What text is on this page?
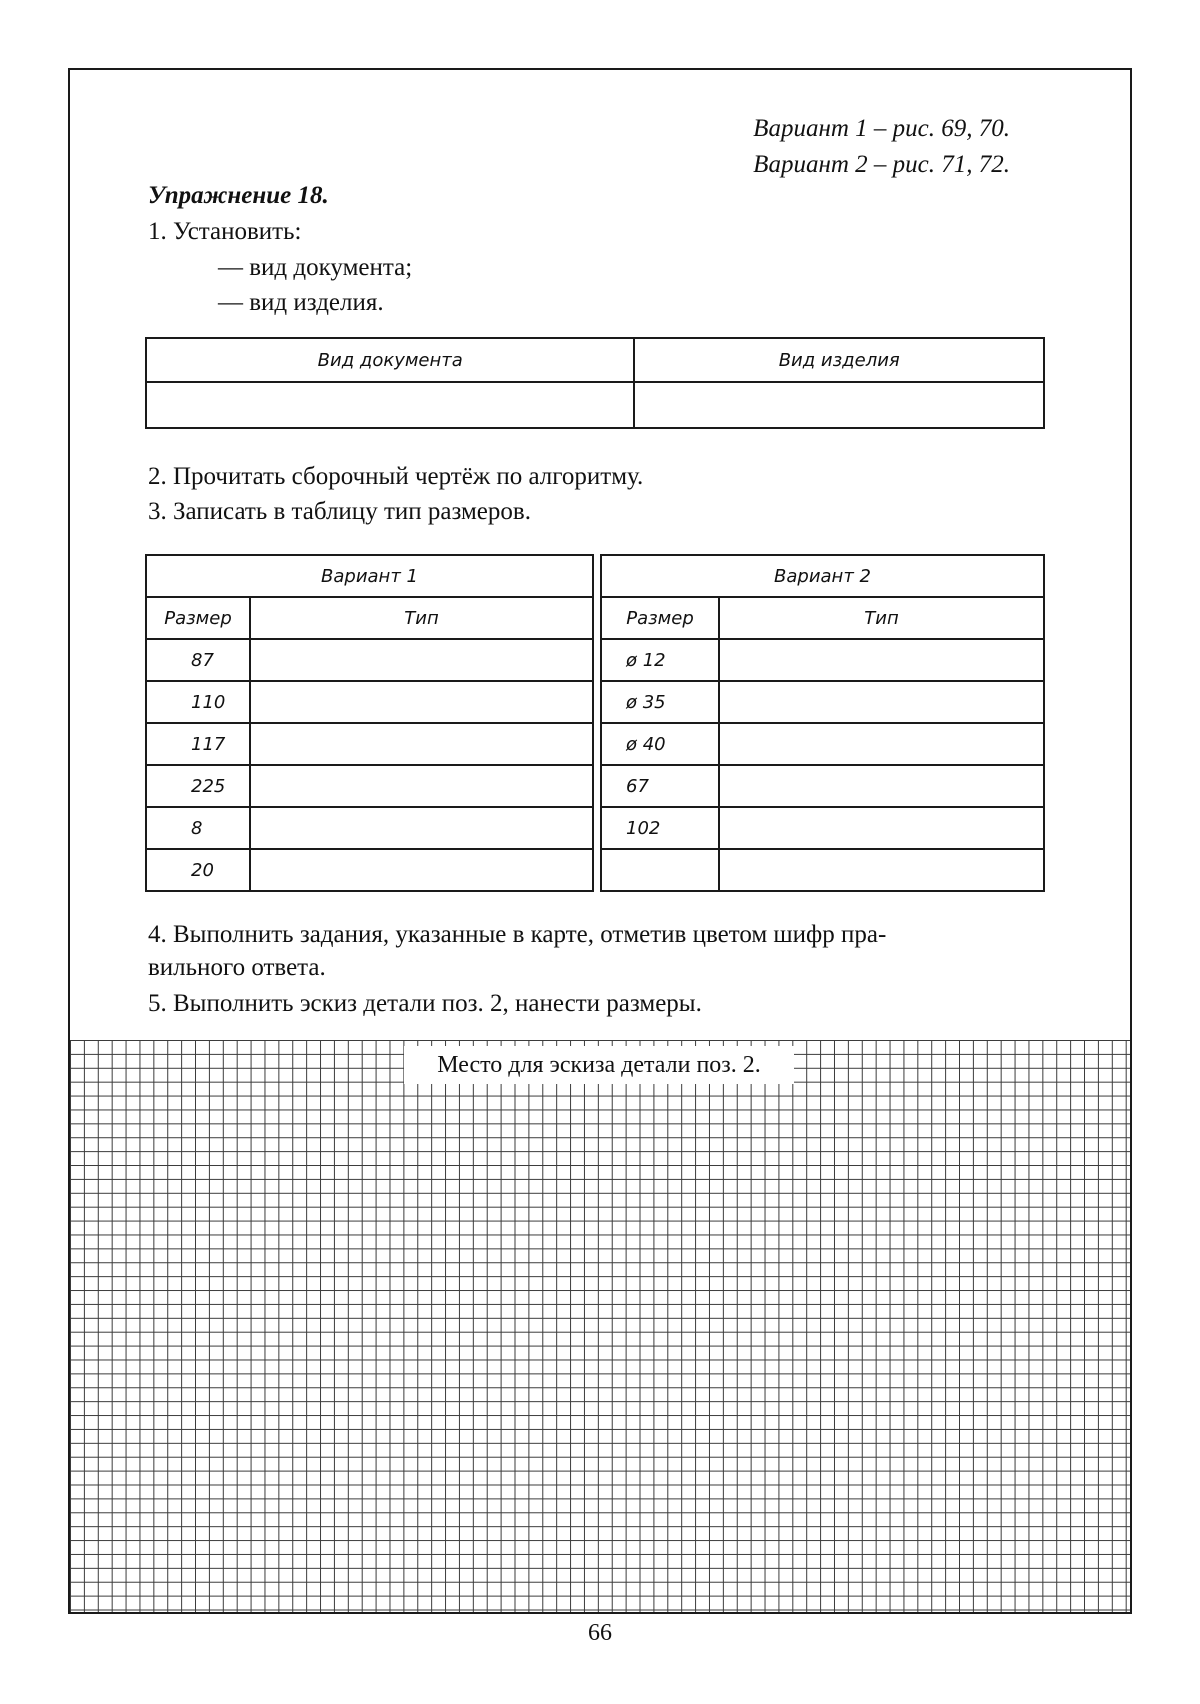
Вариант 1 – рис. 69, 70.
Вариант 2 – рис. 71, 72.
Упражнение 18.
1. Установить:
— вид документа;
— вид изделия.
Вид документа	Вид изделия

2. Прочитать сборочный чертёж по алгоритму.
3. Записать в таблицу тип размеров.
Вариант 1	
Размер	Тип
87	
110	
117	
225	
8	
20	
Вариант 2	
Размер	Тип
ø 12	
ø 35	
ø 40	
67	
102	

4. Выполнить задания, указанные в карте, отметив цветом шифр пра-
вильного ответа.
5. Выполнить эскиз детали поз. 2, нанести размеры.
Место для эскиза детали поз. 2.
66
